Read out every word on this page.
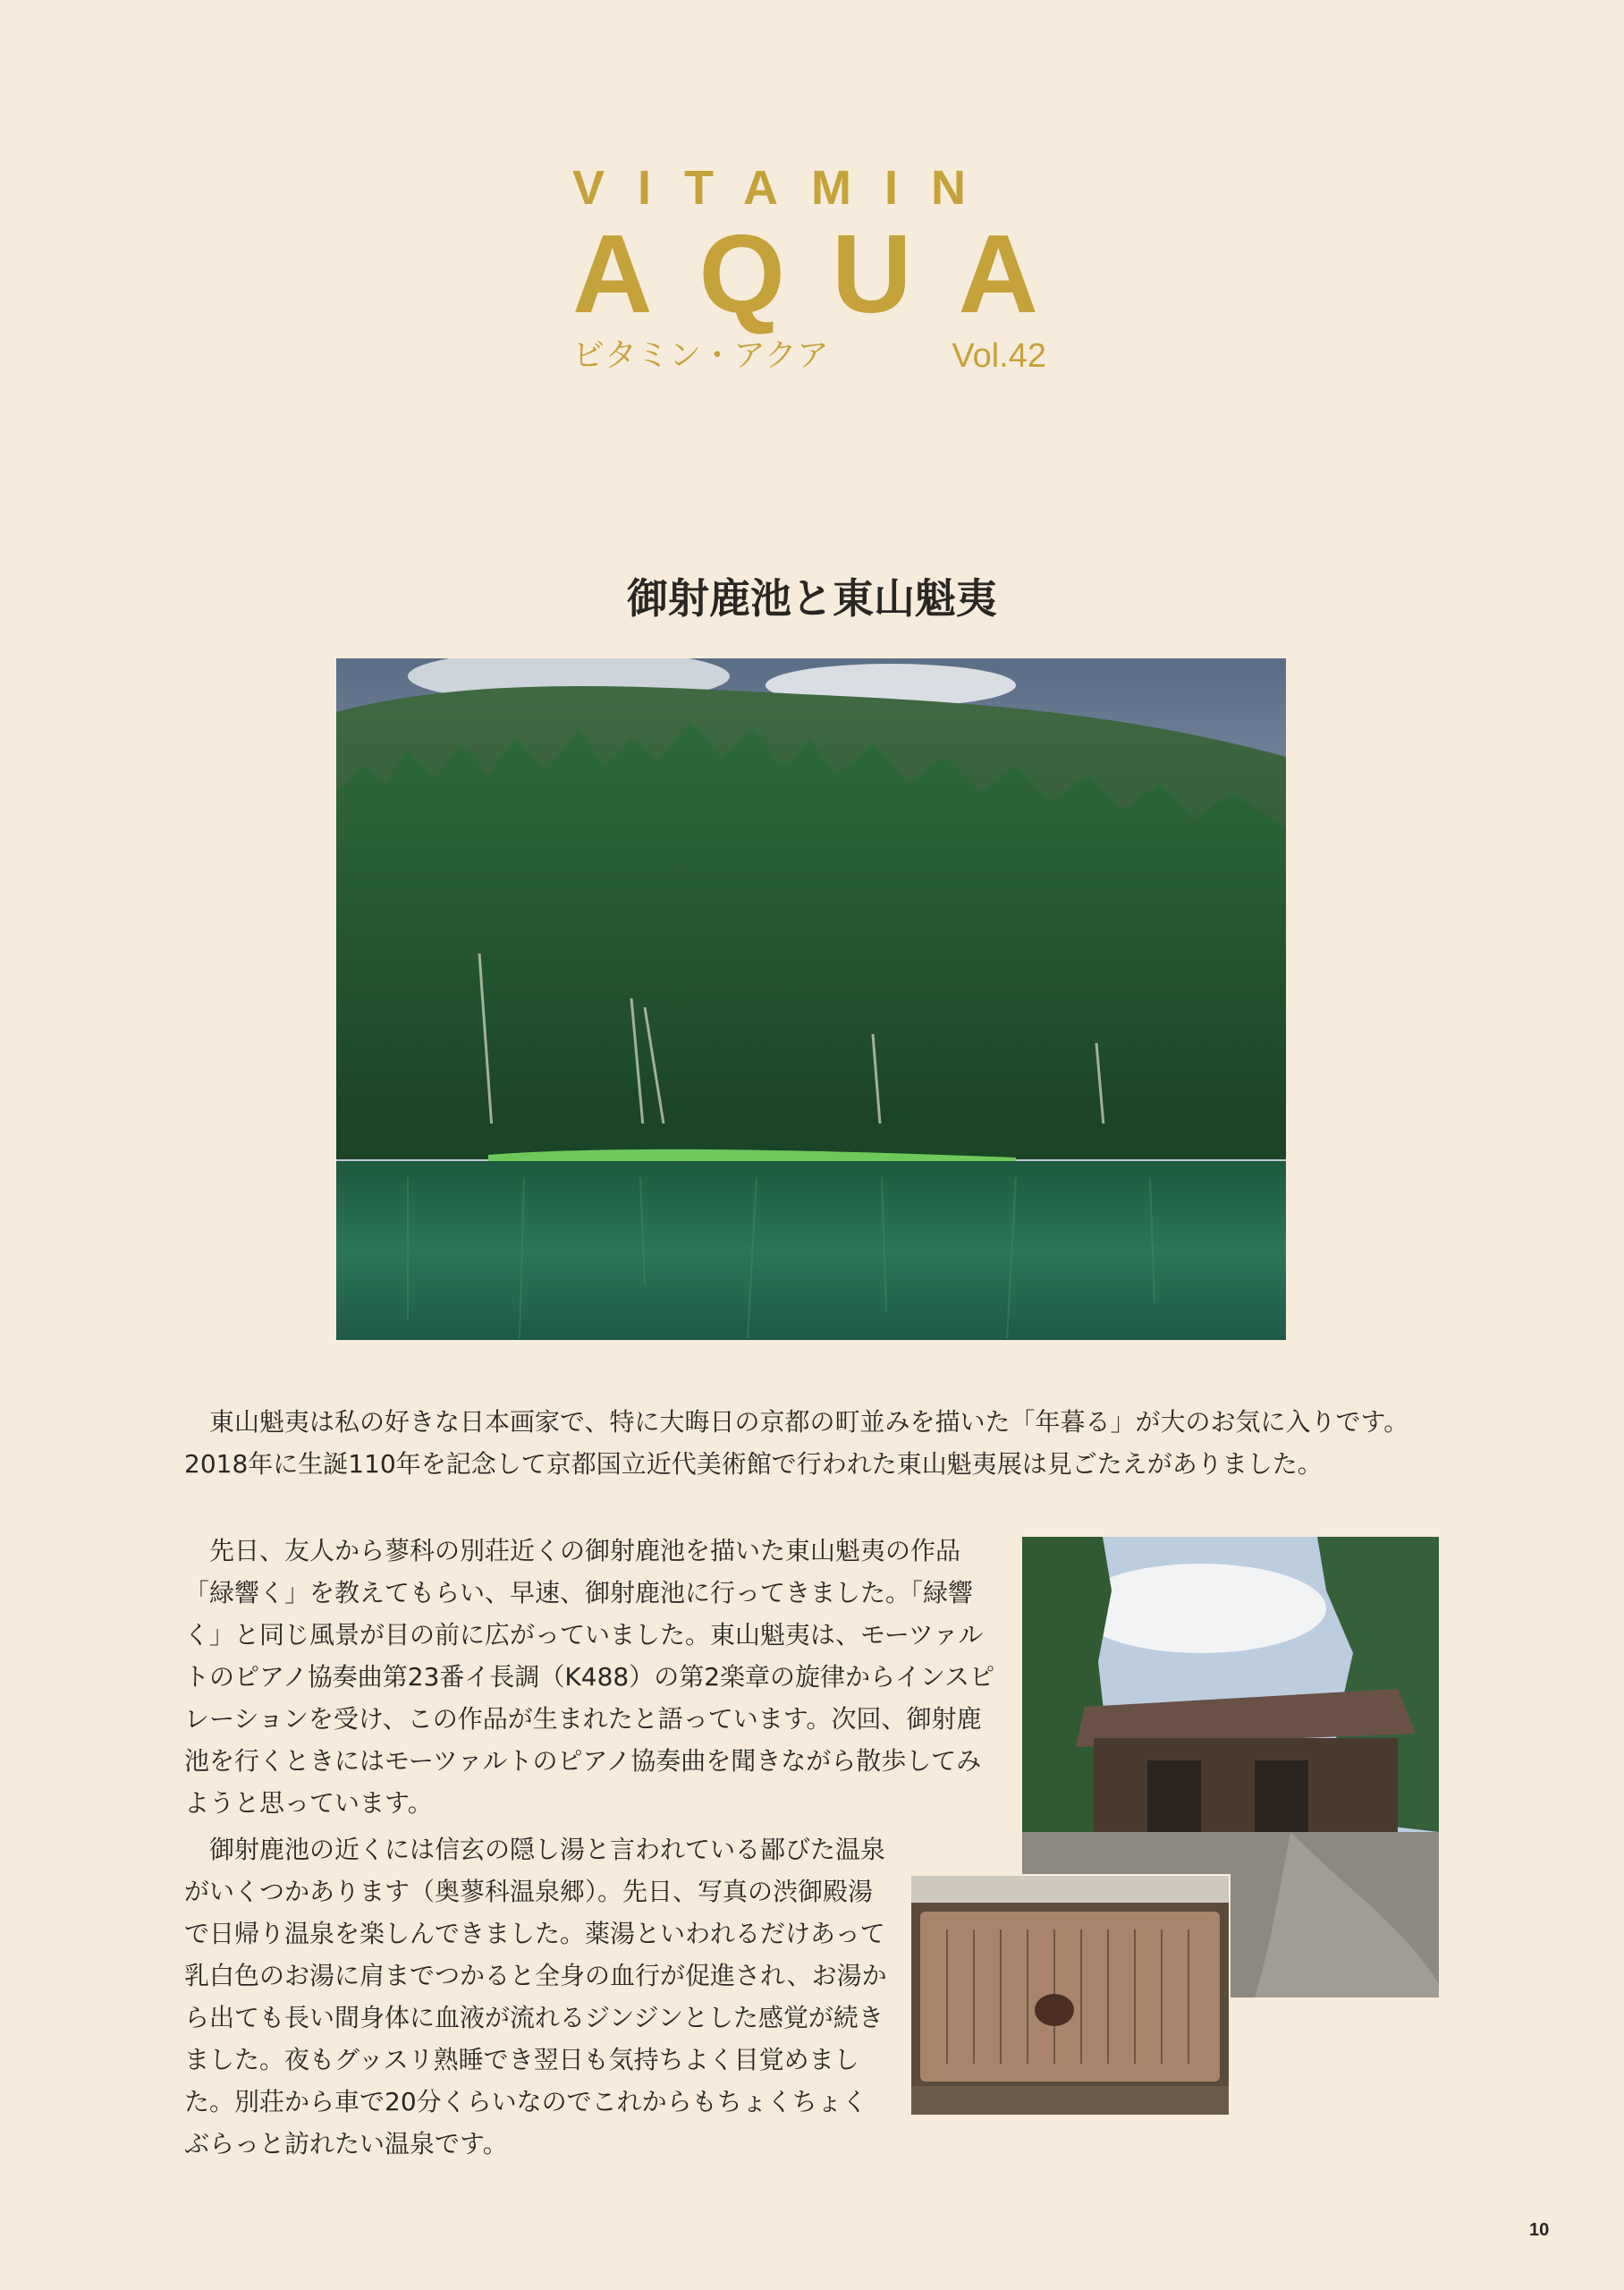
VITAMIN
AQUA
ビタミン・アクア	Vol.42
御射鹿池と東山魁夷

東山魁夷は私の好きな日本画家で、特に大晦日の京都の町並みを描いた「年暮る」が大のお気に入りです。2018年に生誕110年を記念して京都国立近代美術館で行われた東山魁夷展は見ごたえがありました。

先日、友人から蓼科の別荘近くの御射鹿池を描いた東山魁夷の作品「緑響く」を教えてもらい、早速、御射鹿池に行ってきました。「緑響く」と同じ風景が目の前に広がっていました。東山魁夷は、モーツァルトのピアノ協奏曲第23番イ長調（K488）の第2楽章の旋律からインスピレーションを受け、この作品が生まれたと語っています。次回、御射鹿池を行くときにはモーツァルトのピアノ協奏曲を聞きながら散歩してみようと思っています。

御射鹿池の近くには信玄の隠し湯と言われている鄙びた温泉がいくつかあります（奥蓼科温泉郷）。先日、写真の渋御殿湯で日帰り温泉を楽しんできました。薬湯といわれるだけあって乳白色のお湯に肩までつかると全身の血行が促進され、お湯から出ても長い間身体に血液が流れるジンジンとした感覚が続きました。夜もグッスリ熟睡でき翌日も気持ちよく目覚めました。別荘から車で20分くらいなのでこれからもちょくちょくぶらっと訪れたい温泉です。

10
